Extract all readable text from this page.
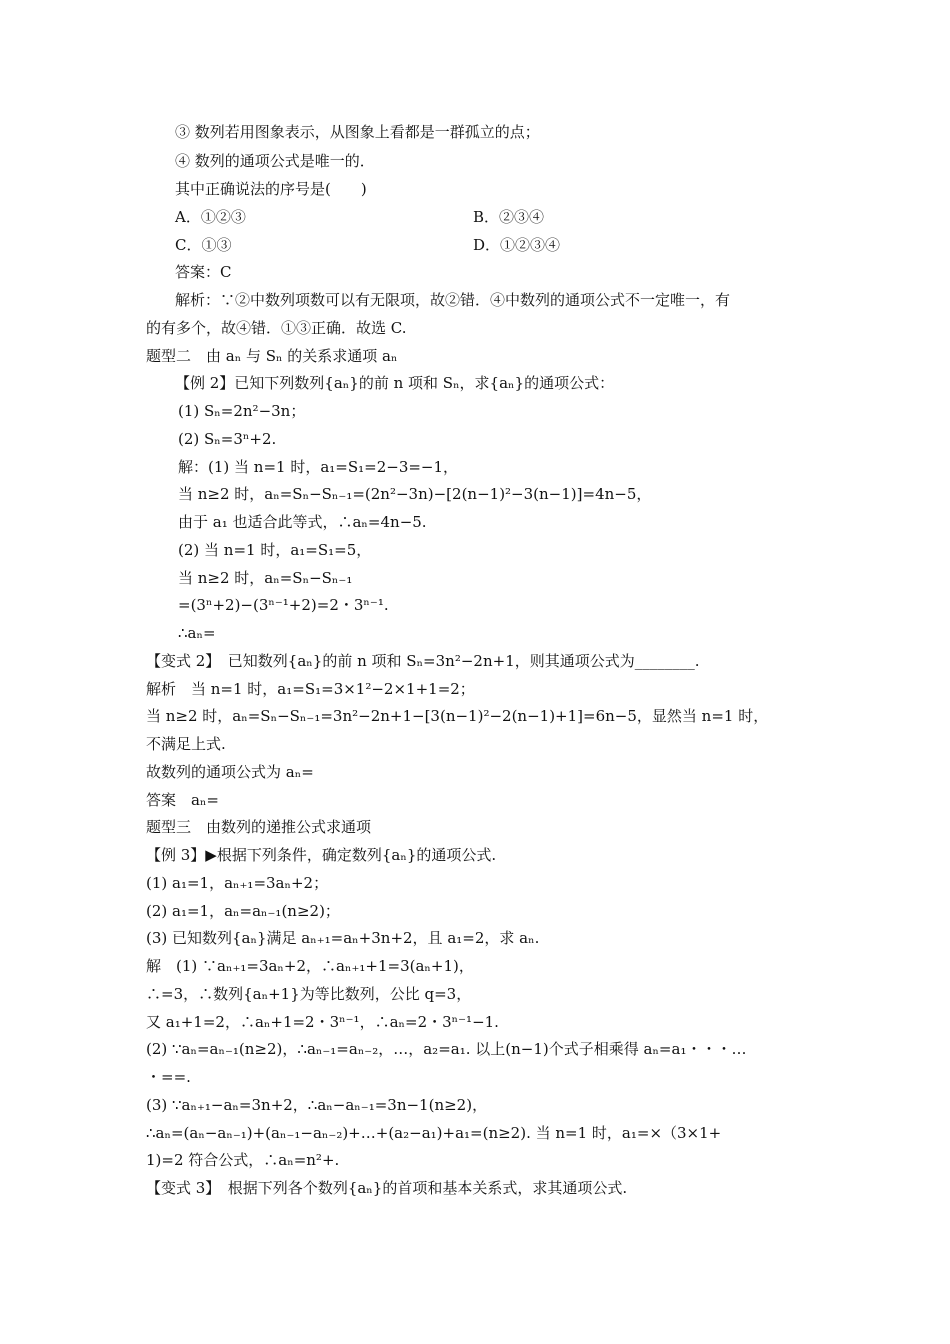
③ 数列若用图象表示，从图象上看都是一群孤立的点；
④ 数列的通项公式是唯一的．
其中正确说法的序号是(　　)
A．①②③	B．②③④
C．①③	D．①②③④
答案：C
解析：∵②中数列项数可以有无限项，故②错．④中数列的通项公式不一定唯一，有
的有多个，故④错．①③正确．故选 C.
题型二　由 aₙ 与 Sₙ 的关系求通项 aₙ
【例 2】已知下列数列{aₙ}的前 n 项和 Sₙ，求{aₙ}的通项公式：
(1) Sₙ=2n²−3n；
(2) Sₙ=3ⁿ+2.
解：(1) 当 n=1 时，a₁=S₁=2−3=−1，
当 n≥2 时，aₙ=Sₙ−Sₙ₋₁=(2n²−3n)−[2(n−1)²−3(n−1)]=4n−5，
由于 a₁ 也适合此等式，∴aₙ=4n−5.
(2) 当 n=1 时，a₁=S₁=5，
当 n≥2 时，aₙ=Sₙ−Sₙ₋₁
=(3ⁿ+2)−(3ⁿ⁻¹+2)=2・3ⁿ⁻¹.
∴aₙ=
【变式 2】　已知数列{aₙ}的前 n 项和 Sₙ=3n²−2n+1，则其通项公式为________.
解析　当 n=1 时，a₁=S₁=3×1²−2×1+1=2；
当 n≥2 时，aₙ=Sₙ−Sₙ₋₁=3n²−2n+1−[3(n−1)²−2(n−1)+1]=6n−5，显然当 n=1 时，
不满足上式.
故数列的通项公式为 aₙ=
答案　aₙ=
题型三　由数列的递推公式求通项
【例 3】▶根据下列条件，确定数列{aₙ}的通项公式.
(1) a₁=1，aₙ₊₁=3aₙ+2；
(2) a₁=1，aₙ=aₙ₋₁(n≥2)；
(3) 已知数列{aₙ}满足 aₙ₊₁=aₙ+3n+2，且 a₁=2，求 aₙ.
解　(1) ∵aₙ₊₁=3aₙ+2，∴aₙ₊₁+1=3(aₙ+1)，
∴=3，∴数列{aₙ+1}为等比数列，公比 q=3，
又 a₁+1=2，∴aₙ+1=2・3ⁿ⁻¹，∴aₙ=2・3ⁿ⁻¹−1.
(2) ∵aₙ=aₙ₋₁(n≥2)，∴aₙ₋₁=aₙ₋₂，…，a₂=a₁. 以上(n−1)个式子相乘得 aₙ=a₁・・・…
・==.
(3) ∵aₙ₊₁−aₙ=3n+2，∴aₙ−aₙ₋₁=3n−1(n≥2)，
∴aₙ=(aₙ−aₙ₋₁)+(aₙ₋₁−aₙ₋₂)+…+(a₂−a₁)+a₁=(n≥2). 当 n=1 时，a₁=×（3×1+
1)=2 符合公式，∴aₙ=n²+.
【变式 3】　根据下列各个数列{aₙ}的首项和基本关系式，求其通项公式.
